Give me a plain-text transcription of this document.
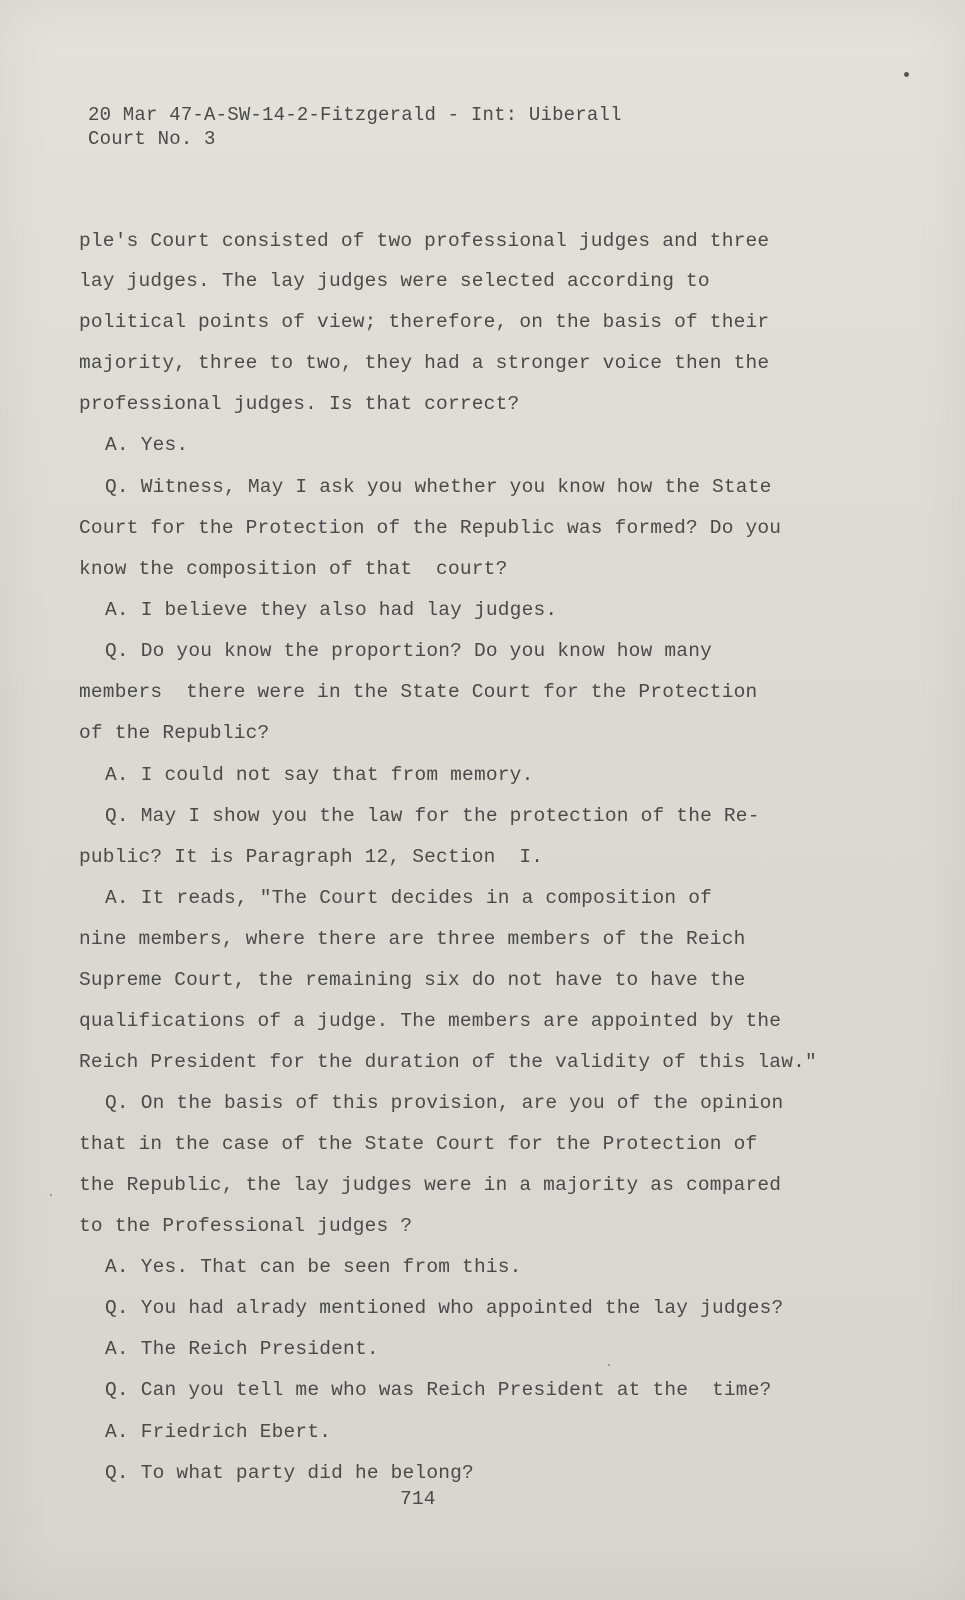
20 Mar 47-A-SW-14-2-Fitzgerald - Int: Uiberall
Court No. 3
ple's Court consisted of two professional judges and three
lay judges. The lay judges were selected according to
political points of view; therefore, on the basis of their
majority, three to two, they had a stronger voice then the
professional judges. Is that correct?
A. Yes.
Q. Witness, May I ask you whether you know how the State
Court for the Protection of the Republic was formed? Do you
know the composition of that  court?
A. I believe they also had lay judges.
Q. Do you know the proportion? Do you know how many
members  there were in the State Court for the Protection
of the Republic?
A. I could not say that from memory.
Q. May I show you the law for the protection of the Re-
public? It is Paragraph 12, Section  I.
A. It reads, "The Court decides in a composition of
nine members, where there are three members of the Reich
Supreme Court, the remaining six do not have to have the
qualifications of a judge. The members are appointed by the
Reich President for the duration of the validity of this law."
Q. On the basis of this provision, are you of the opinion
that in the case of the State Court for the Protection of
the Republic, the lay judges were in a majority as compared
to the Professional judges ?
A. Yes. That can be seen from this.
Q. You had alrady mentioned who appointed the lay judges?
A. The Reich President.
Q. Can you tell me who was Reich President at the  time?
A. Friedrich Ebert.
Q. To what party did he belong?
714
